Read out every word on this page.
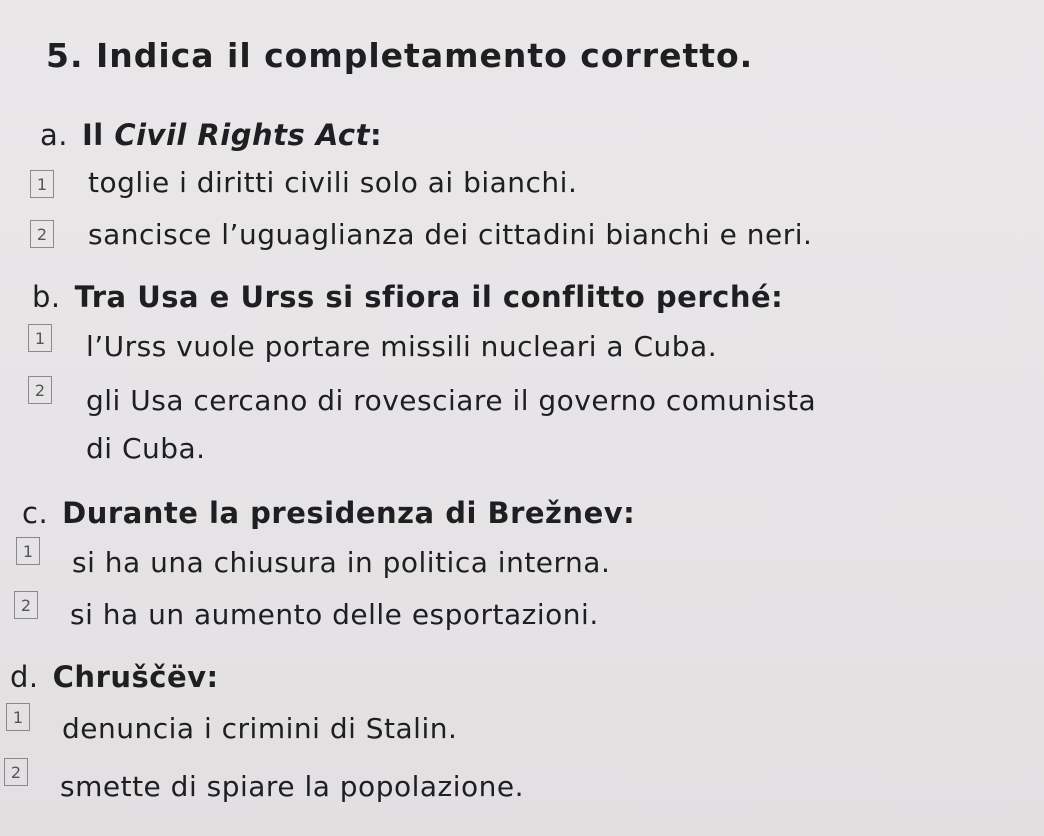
5. Indica il completamento corretto.
a. Il Civil Rights Act:
1 toglie i diritti civili solo ai bianchi.
2 sancisce l’uguaglianza dei cittadini bianchi e neri.
b. Tra Usa e Urss si sfiora il conflitto perché:
1 l’Urss vuole portare missili nucleari a Cuba.
2 gli Usa cercano di rovesciare il governo comunista
di Cuba.
c. Durante la presidenza di Brežnev:
1 si ha una chiusura in politica interna.
2 si ha un aumento delle esportazioni.
d. Chruščëv:
1 denuncia i crimini di Stalin.
2 smette di spiare la popolazione.
